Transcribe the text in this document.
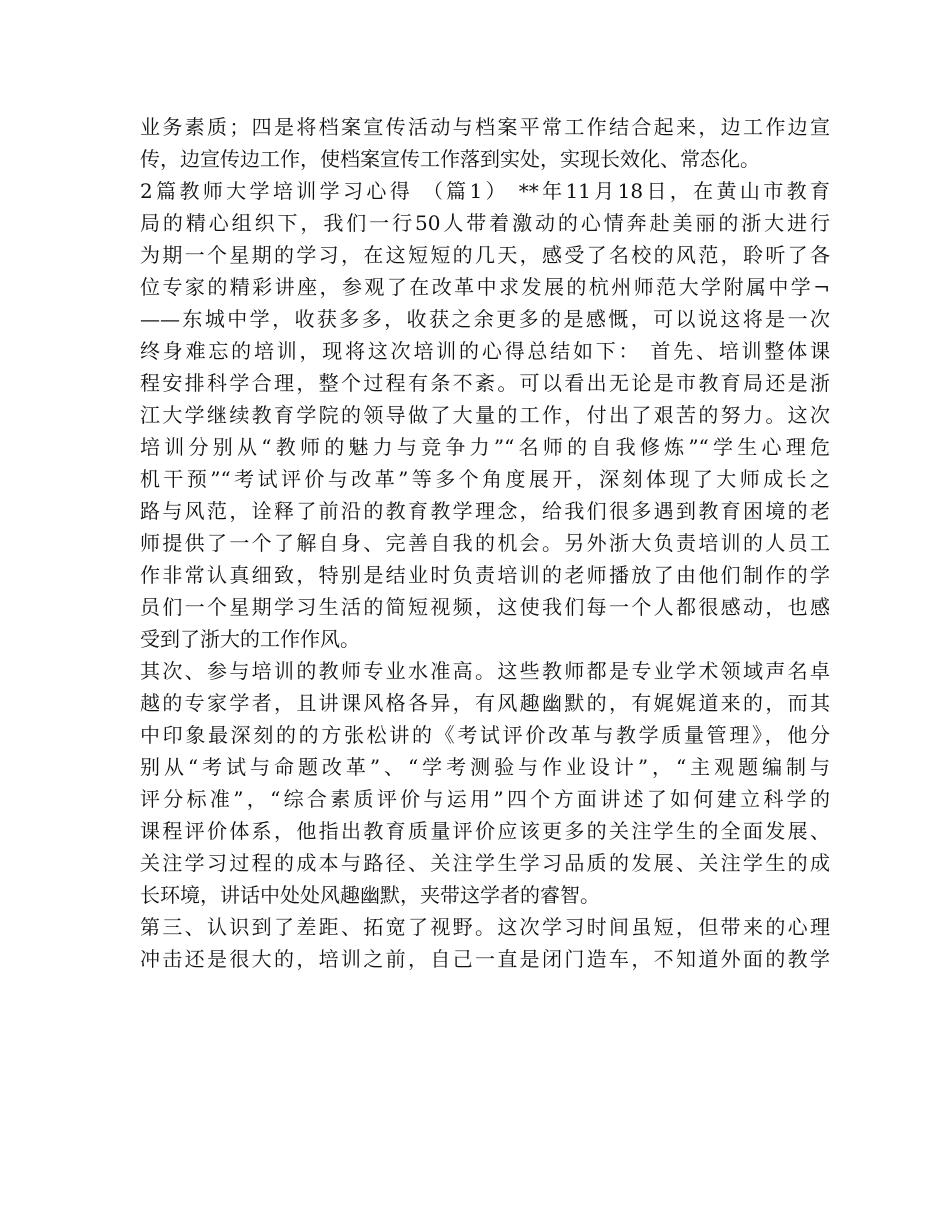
业务素质；四是将档案宣传活动与档案平常工作结合起来，边工作边宣
传，边宣传边工作，使档案宣传工作落到实处，实现长效化、常态化。
2篇教师大学培训学习心得 （篇1） **年11月18日，在黄山市教育
局的精心组织下，我们一行50人带着激动的心情奔赴美丽的浙大进行
为期一个星期的学习，在这短短的几天，感受了名校的风范，聆听了各
位专家的精彩讲座，参观了在改革中求发展的杭州师范大学附属中学¬
——东城中学，收获多多，收获之余更多的是感慨，可以说这将是一次
终身难忘的培训，现将这次培训的心得总结如下： 首先、培训整体课
程安排科学合理，整个过程有条不紊。可以看出无论是市教育局还是浙
江大学继续教育学院的领导做了大量的工作，付出了艰苦的努力。这次
培训分别从“教师的魅力与竞争力”“名师的自我修炼”“学生心理危
机干预”“考试评价与改革”等多个角度展开，深刻体现了大师成长之
路与风范，诠释了前沿的教育教学理念，给我们很多遇到教育困境的老
师提供了一个了解自身、完善自我的机会。另外浙大负责培训的人员工
作非常认真细致，特别是结业时负责培训的老师播放了由他们制作的学
员们一个星期学习生活的简短视频，这使我们每一个人都很感动，也感
受到了浙大的工作作风。
其次、参与培训的教师专业水准高。这些教师都是专业学术领域声名卓
越的专家学者，且讲课风格各异，有风趣幽默的，有娓娓道来的，而其
中印象最深刻的的方张松讲的《考试评价改革与教学质量管理》，他分
别从“考试与命题改革”、“学考测验与作业设计”，“主观题编制与
评分标准”，“综合素质评价与运用”四个方面讲述了如何建立科学的
课程评价体系，他指出教育质量评价应该更多的关注学生的全面发展、
关注学习过程的成本与路径、关注学生学习品质的发展、关注学生的成
长环境，讲话中处处风趣幽默，夹带这学者的睿智。
第三、认识到了差距、拓宽了视野。这次学习时间虽短，但带来的心理
冲击还是很大的，培训之前，自己一直是闭门造车，不知道外面的教学
